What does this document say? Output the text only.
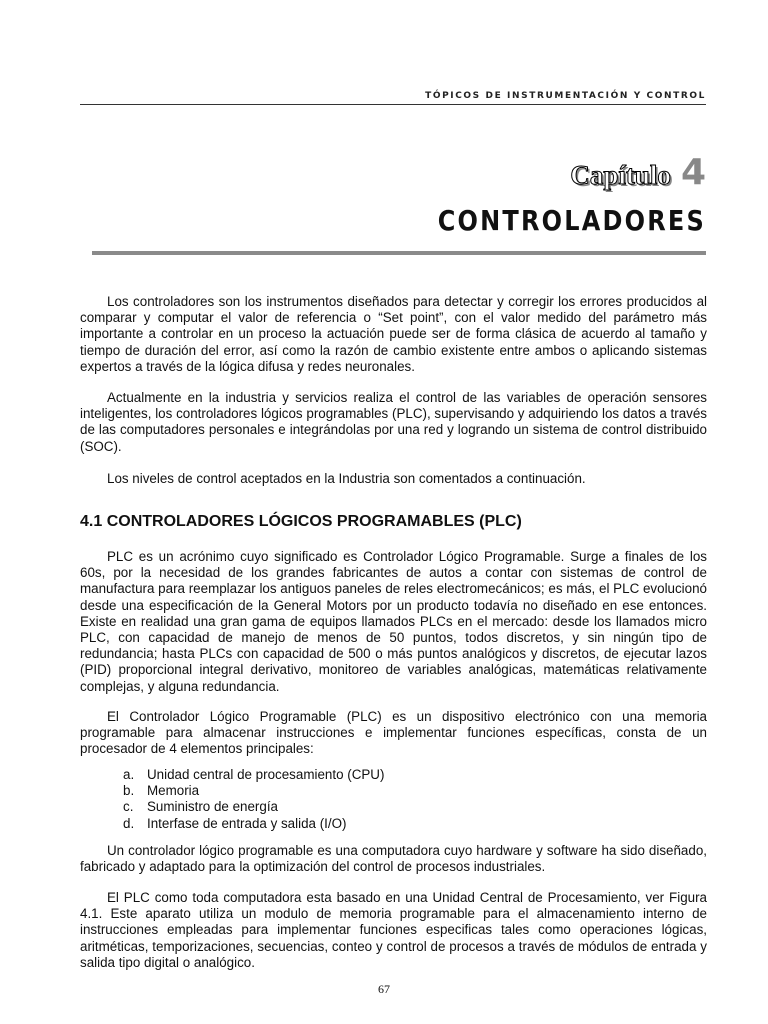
TÓPICOS DE INSTRUMENTACIÓN Y CONTROL
Capítulo 4
CONTROLADORES

Los controladores son los instrumentos diseñados para detectar y corregir los errores producidos al comparar y computar el valor de referencia o “Set point”, con el valor medido del parámetro más importante a controlar en un proceso la actuación puede ser de forma clásica de acuerdo al tamaño y tiempo de duración del error, así como la razón de cambio existente entre ambos o aplicando sistemas expertos a través de la lógica difusa y redes neuronales.

Actualmente en la industria y servicios realiza el control de las variables de operación sensores inteligentes, los controladores lógicos programables (PLC), supervisando y adquiriendo los datos a través de las computadores personales e integrándolas por una red y logrando un sistema de control distribuido (SOC).

Los niveles de control aceptados en la Industria son comentados a continuación.

4.1 CONTROLADORES LÓGICOS PROGRAMABLES (PLC)

PLC es un acrónimo cuyo significado es Controlador Lógico Programable. Surge a finales de los 60s, por la necesidad de los grandes fabricantes de autos a contar con sistemas de control de manufactura para reemplazar los antiguos paneles de reles electromecánicos; es más, el PLC evolucionó desde una especificación de la General Motors por un producto todavía no diseñado en ese entonces. Existe en realidad una gran gama de equipos llamados PLCs en el mercado: desde los llamados micro PLC, con capacidad de manejo de menos de 50 puntos, todos discretos, y sin ningún tipo de redundancia; hasta PLCs con capacidad de 500 o más puntos analógicos y discretos, de ejecutar lazos (PID) proporcional integral derivativo, monitoreo de variables analógicas, matemáticas relativamente complejas, y alguna redundancia.

El Controlador Lógico Programable (PLC) es un dispositivo electrónico con una memoria programable para almacenar instrucciones e implementar funciones específicas, consta de un procesador de 4 elementos principales:

a. Unidad central de procesamiento (CPU)
b. Memoria
c.	Suministro de energía
d. Interfase de entrada y salida (I/O)

Un controlador lógico programable es una computadora cuyo hardware y software ha sido diseñado, fabricado y adaptado para la optimización del control de procesos industriales.

El PLC como toda computadora esta basado en una Unidad Central de Procesamiento, ver Figura 4.1. Este aparato utiliza un modulo de memoria programable para el almacenamiento interno de instrucciones empleadas para implementar funciones especificas tales como operaciones lógicas, aritméticas, temporizaciones, secuencias, conteo y control de procesos a través de módulos de entrada y salida tipo digital o analógico.

67
